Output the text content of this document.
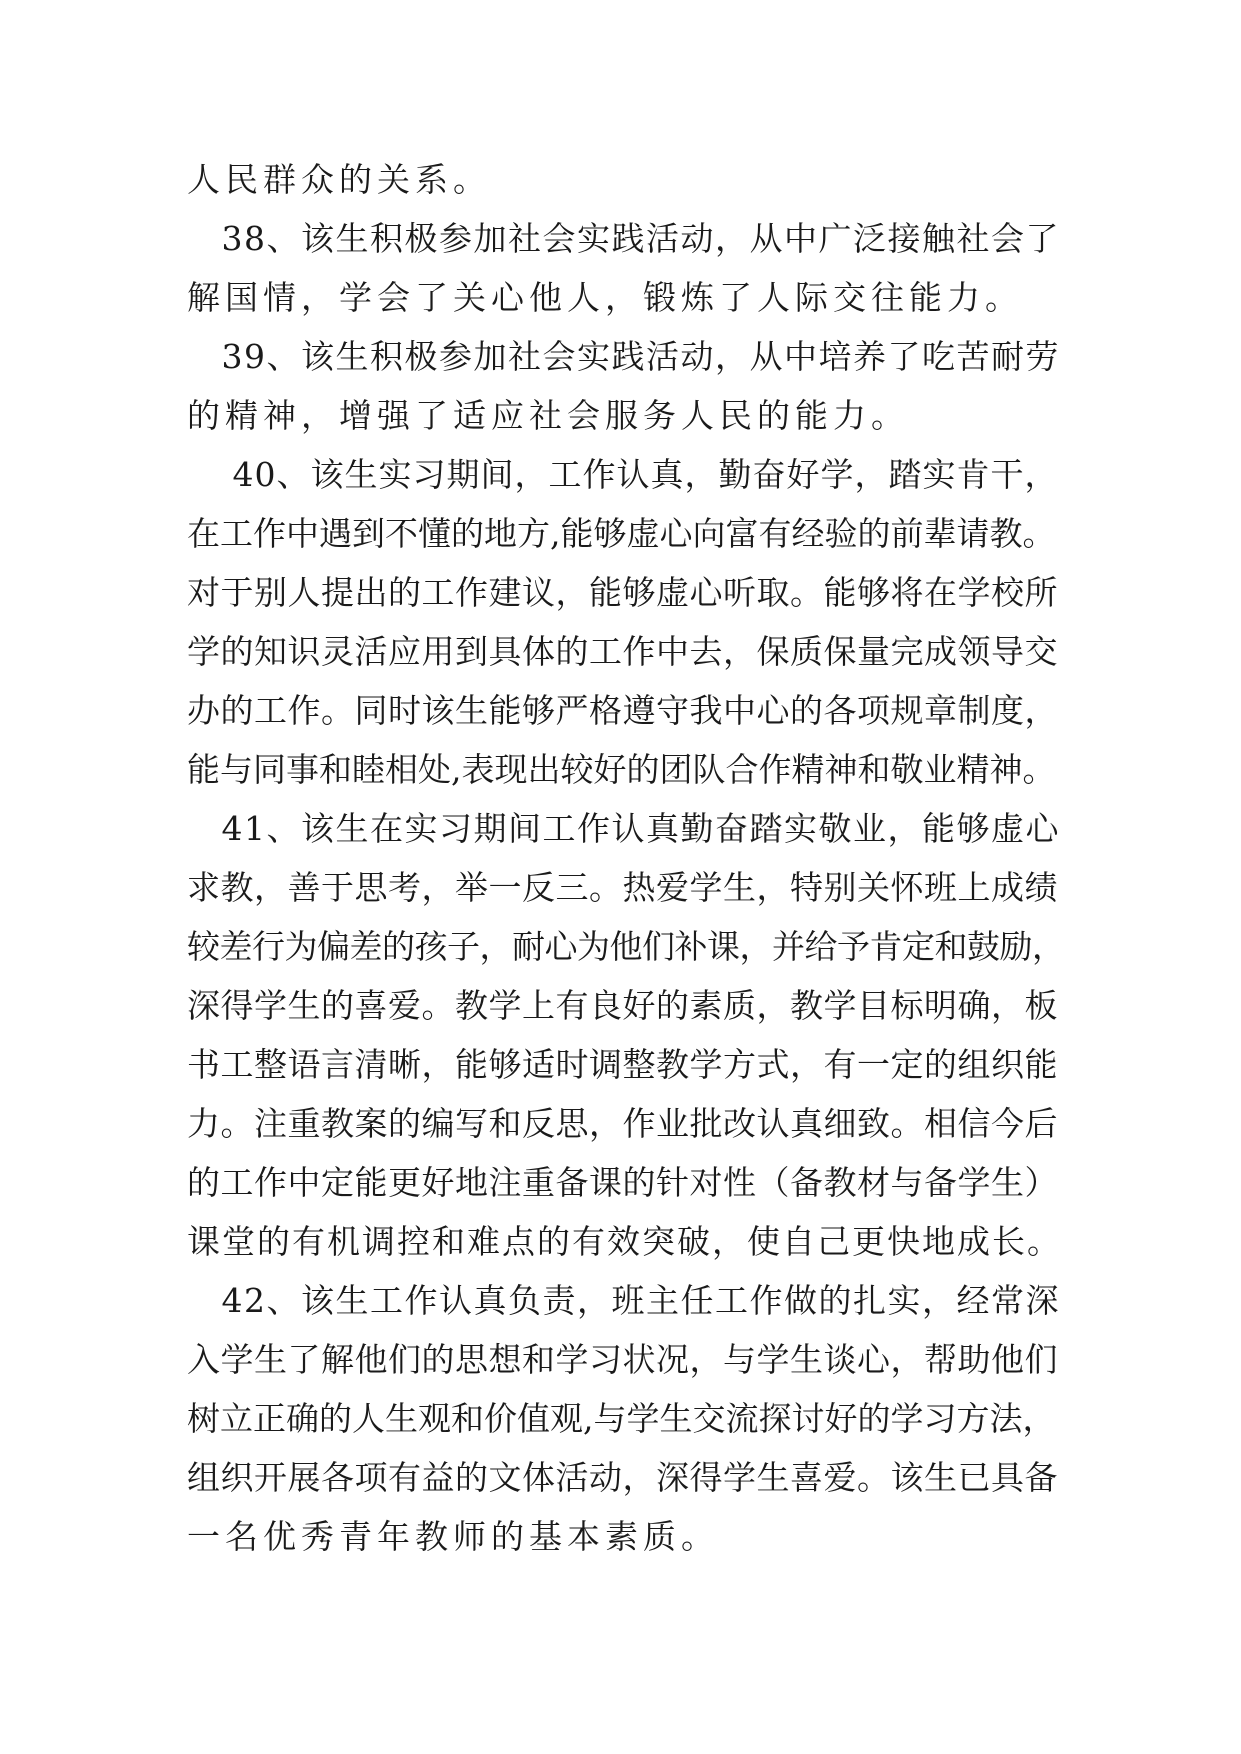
人民群众的关系。
　38、该生积极参加社会实践活动，从中广泛接触社会了
解国情，学会了关心他人，锻炼了人际交往能力。
　39、该生积极参加社会实践活动，从中培养了吃苦耐劳
的精神，增强了适应社会服务人民的能力。
　 40、该生实习期间，工作认真，勤奋好学，踏实肯干，
在工作中遇到不懂的地方,能够虚心向富有经验的前辈请教。
对于别人提出的工作建议，能够虚心听取。能够将在学校所
学的知识灵活应用到具体的工作中去，保质保量完成领导交
办的工作。同时该生能够严格遵守我中心的各项规章制度，
能与同事和睦相处,表现出较好的团队合作精神和敬业精神。
　41、该生在实习期间工作认真勤奋踏实敬业，能够虚心
求教，善于思考，举一反三。热爱学生，特别关怀班上成绩
较差行为偏差的孩子，耐心为他们补课，并给予肯定和鼓励，
深得学生的喜爱。教学上有良好的素质，教学目标明确，板
书工整语言清晰，能够适时调整教学方式，有一定的组织能
力。注重教案的编写和反思，作业批改认真细致。相信今后
的工作中定能更好地注重备课的针对性（备教材与备学生）
课堂的有机调控和难点的有效突破，使自己更快地成长。
　42、该生工作认真负责，班主任工作做的扎实，经常深
入学生了解他们的思想和学习状况，与学生谈心，帮助他们
树立正确的人生观和价值观,与学生交流探讨好的学习方法，
组织开展各项有益的文体活动，深得学生喜爱。该生已具备
一名优秀青年教师的基本素质。
